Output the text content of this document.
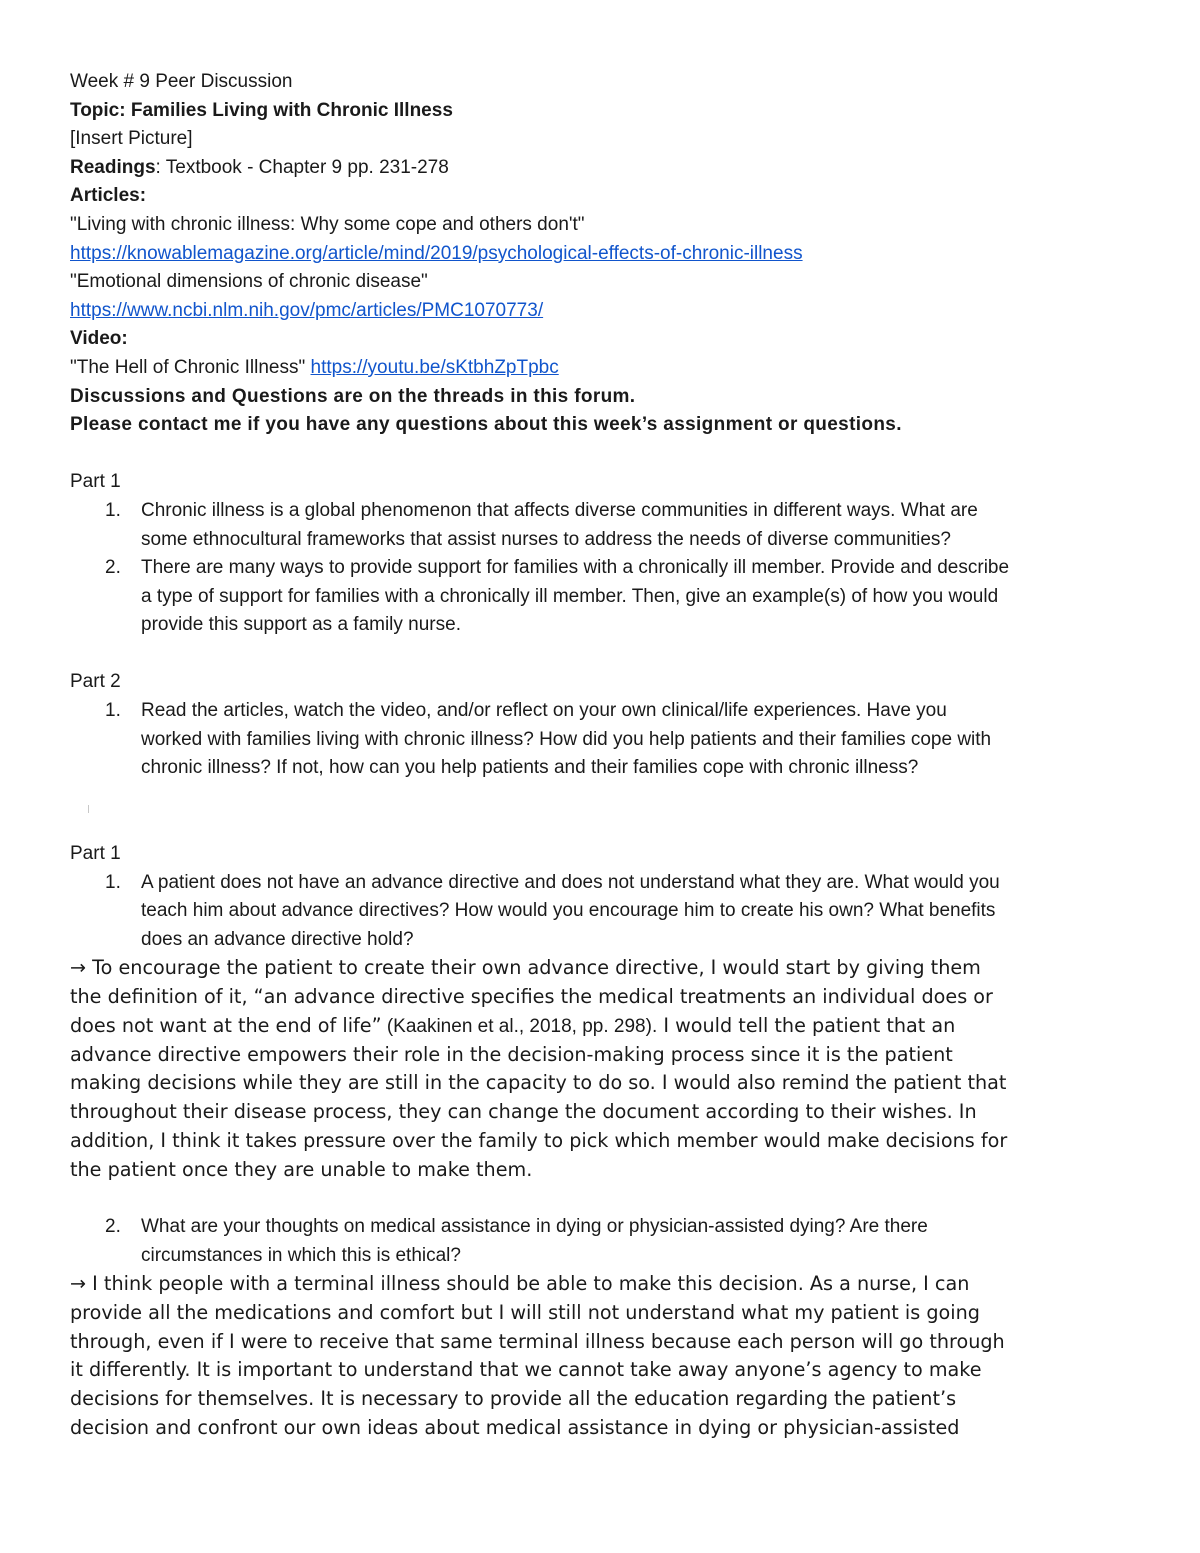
Week # 9 Peer Discussion
Topic: Families Living with Chronic Illness
[Insert Picture]
Readings: Textbook - Chapter 9 pp. 231-278
Articles:
"Living with chronic illness: Why some cope and others don't"
https://knowablemagazine.org/article/mind/2019/psychological-effects-of-chronic-illness
"Emotional dimensions of chronic disease"
https://www.ncbi.nlm.nih.gov/pmc/articles/PMC1070773/
Video:
"The Hell of Chronic Illness" https://youtu.be/sKtbhZpTpbc
Discussions and Questions are on the threads in this forum.
Please contact me if you have any questions about this week’s assignment or questions.
Part 1
1. Chronic illness is a global phenomenon that affects diverse communities in different ways. What are
some ethnocultural frameworks that assist nurses to address the needs of diverse communities?
2. There are many ways to provide support for families with a chronically ill member. Provide and describe
a type of support for families with a chronically ill member. Then, give an example(s) of how you would
provide this support as a family nurse.
Part 2
1. Read the articles, watch the video, and/or reflect on your own clinical/life experiences. Have you
worked with families living with chronic illness? How did you help patients and their families cope with
chronic illness? If not, how can you help patients and their families cope with chronic illness?
Part 1
1. A patient does not have an advance directive and does not understand what they are. What would you
teach him about advance directives? How would you encourage him to create his own? What benefits
does an advance directive hold?
→ To encourage the patient to create their own advance directive, I would start by giving them
the definition of it, “an advance directive specifies the medical treatments an individual does or
does not want at the end of life” (Kaakinen et al., 2018, pp. 298). I would tell the patient that an
advance directive empowers their role in the decision-making process since it is the patient
making decisions while they are still in the capacity to do so. I would also remind the patient that
throughout their disease process, they can change the document according to their wishes. In
addition, I think it takes pressure over the family to pick which member would make decisions for
the patient once they are unable to make them.
2. What are your thoughts on medical assistance in dying or physician-assisted dying? Are there
circumstances in which this is ethical?
→ I think people with a terminal illness should be able to make this decision. As a nurse, I can
provide all the medications and comfort but I will still not understand what my patient is going
through, even if I were to receive that same terminal illness because each person will go through
it differently. It is important to understand that we cannot take away anyone’s agency to make
decisions for themselves. It is necessary to provide all the education regarding the patient’s
decision and confront our own ideas about medical assistance in dying or physician-assisted
